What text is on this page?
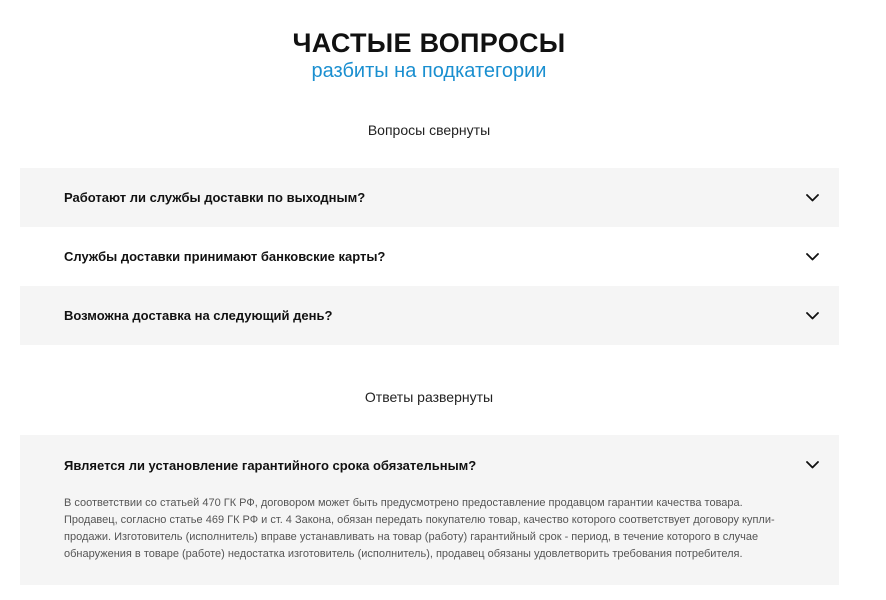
ЧАСТЫЕ ВОПРОСЫ
разбиты на подкатегории
Вопросы свернуты
Работают ли службы доставки по выходным?
Службы доставки принимают банковские карты?
Возможна доставка на следующий день?
Ответы развернуты
Является ли установление гарантийного срока обязательным?
В соответствии со статьей 470 ГК РФ, договором может быть предусмотрено предоставление продавцом гарантии качества товара. Продавец, согласно статье 469 ГК РФ и ст. 4 Закона, обязан передать покупателю товар, качество которого соответствует договору купли-продажи. Изготовитель (исполнитель) вправе устанавливать на товар (работу) гарантийный срок - период, в течение которого в случае обнаружения в товаре (работе) недостатка изготовитель (исполнитель), продавец обязаны удовлетворить требования потребителя.
